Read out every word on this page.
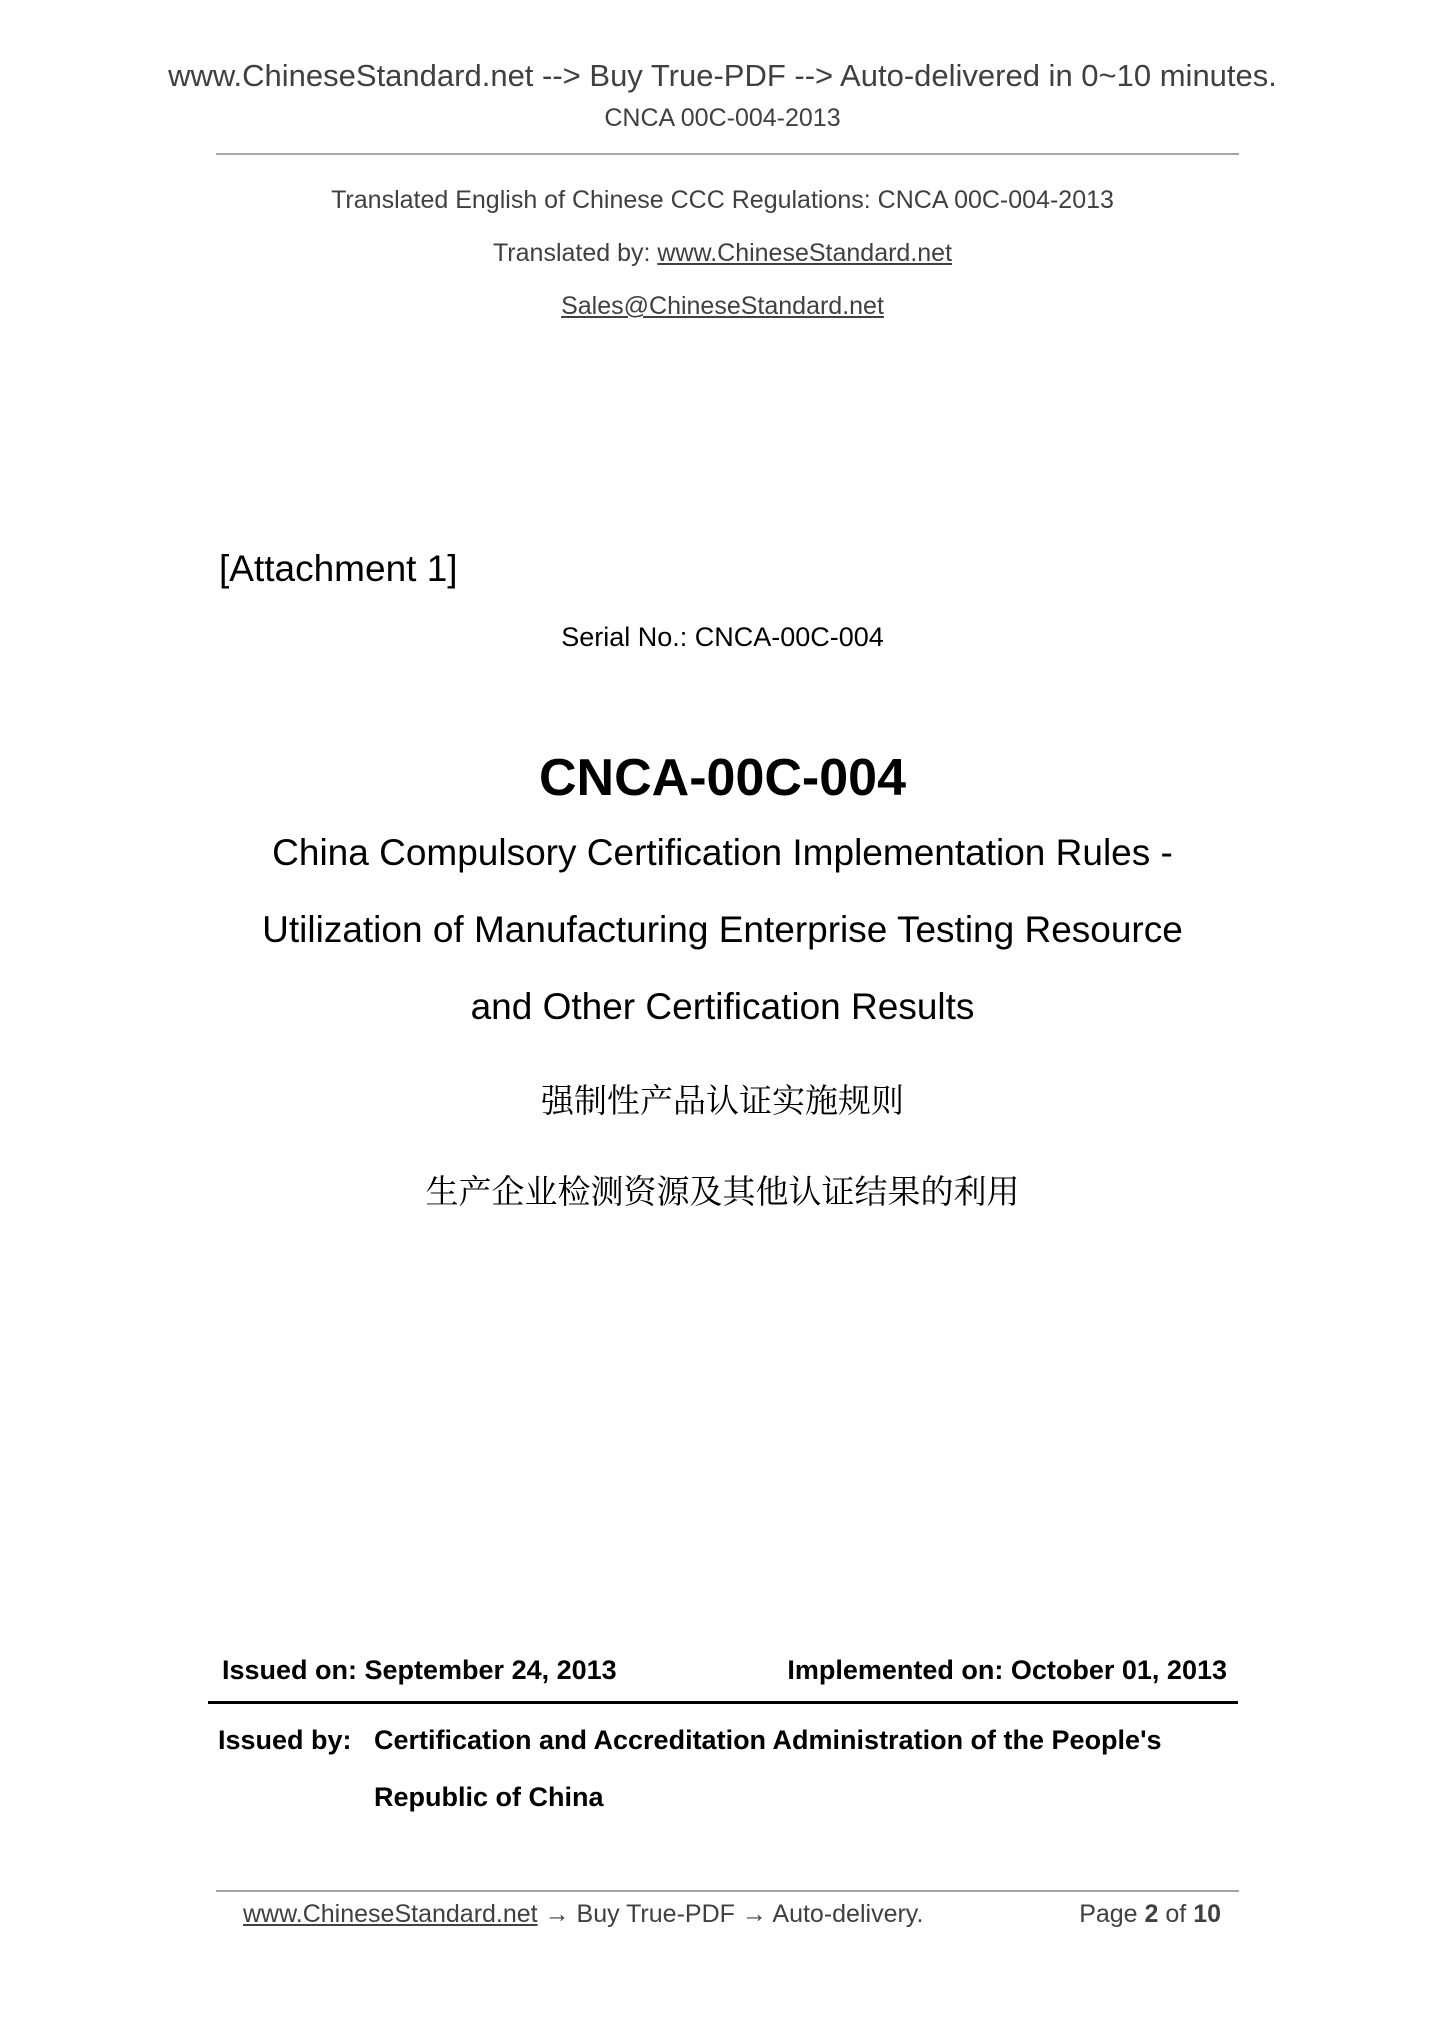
www.ChineseStandard.net --> Buy True-PDF --> Auto-delivered in 0~10 minutes.
CNCA 00C-004-2013
Translated English of Chinese CCC Regulations: CNCA 00C-004-2013
Translated by: www.ChineseStandard.net
Sales@ChineseStandard.net
[Attachment 1]
Serial No.: CNCA-00C-004
CNCA-00C-004
China Compulsory Certification Implementation Rules -
Utilization of Manufacturing Enterprise Testing Resource
and Other Certification Results
强制性产品认证实施规则
生产企业检测资源及其他认证结果的利用
Issued on: September 24, 2013	Implemented on: October 01, 2013
Issued by: Certification and Accreditation Administration of the People's
Republic of China
www.ChineseStandard.net → Buy True-PDF → Auto-delivery.	Page 2 of 10
